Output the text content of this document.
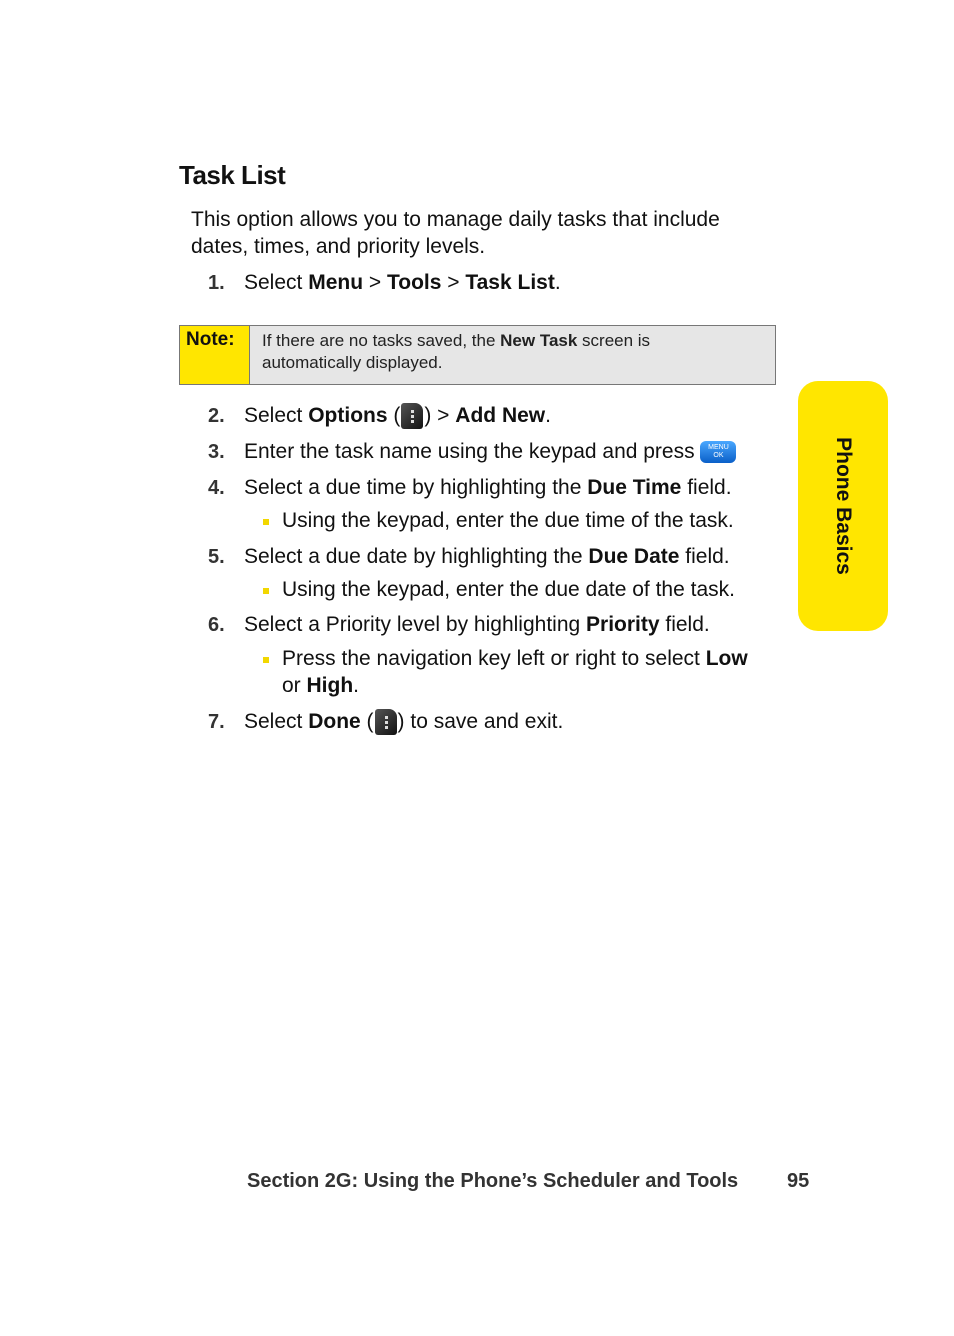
Task List
This option allows you to manage daily tasks that include
dates, times, and priority levels.
1. Select Menu > Tools > Task List.
Note:	If there are no tasks saved, the New Task screen is
automatically displayed.
2. Select Options ( ) > Add New.
3. Enter the task name using the keypad and press MENU
OK
4. Select a due time by highlighting the Due Time field.
Using the keypad, enter the due time of the task.
5. Select a due date by highlighting the Due Date field.
Using the keypad, enter the due date of the task.
6. Select a Priority level by highlighting Priority field.
Press the navigation key left or right to select Low
or High.
7. Select Done ( ) to save and exit.
Phone Basics
Section 2G: Using the Phone’s Scheduler and Tools 95
